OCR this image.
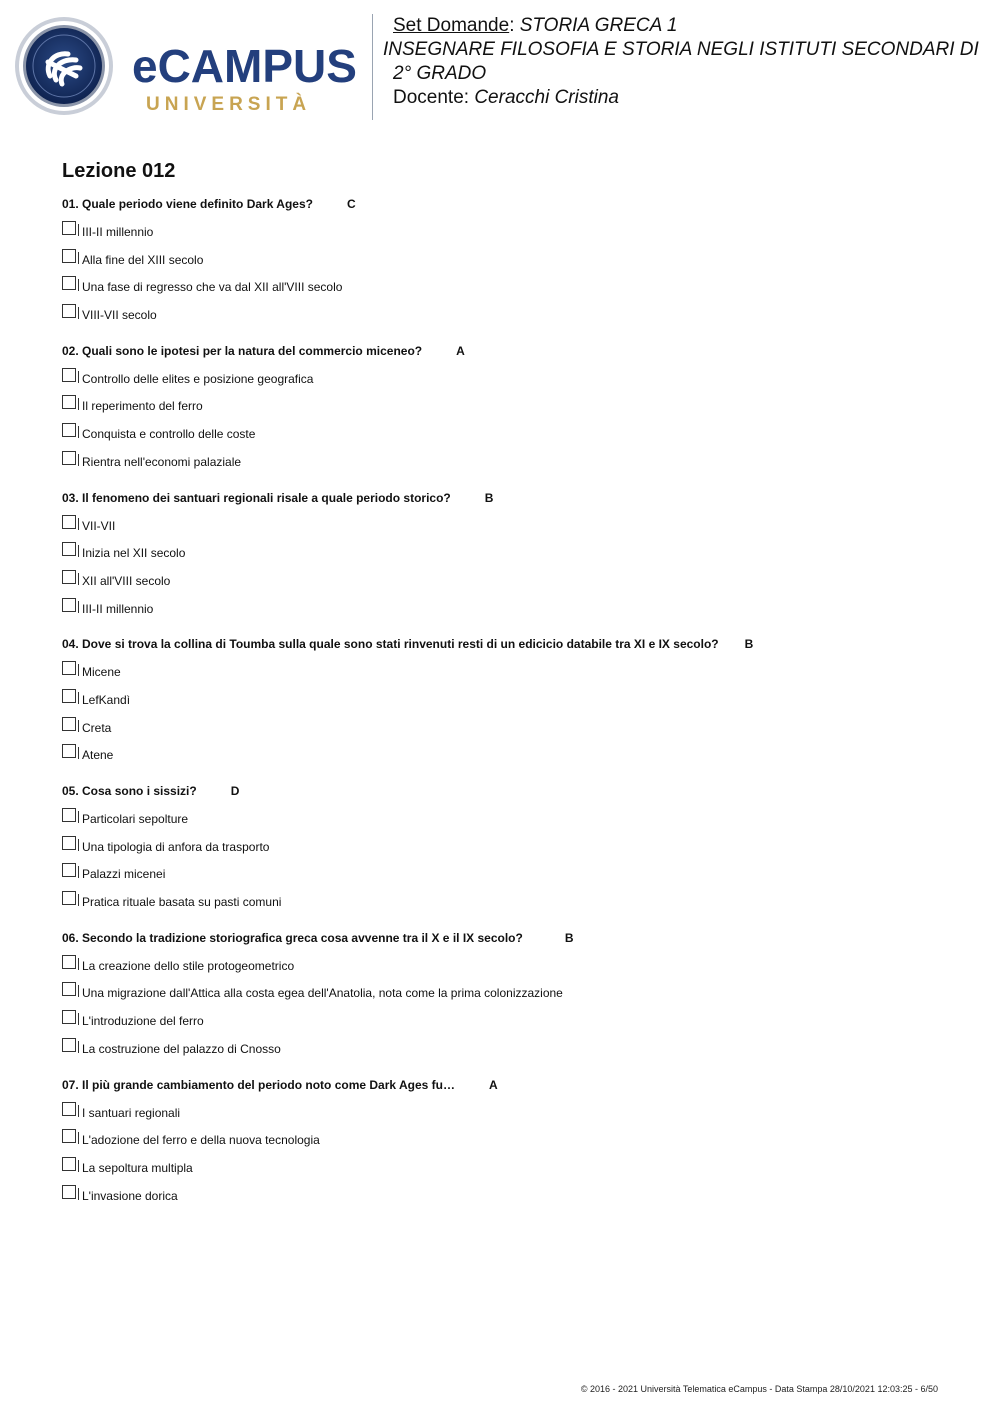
eCAMPUS
UNIVERSITÀ
Set Domande: STORIA GRECA 1
INSEGNARE FILOSOFIA E STORIA NEGLI ISTITUTI SECONDARI DI
2° GRADO
Docente: Ceracchi Cristina
Lezione 012
01. Quale periodo viene definito Dark Ages?	C
III-II millennio
Alla fine del XIII secolo
Una fase di regresso che va dal XII all'VIII secolo
VIII-VII secolo
02. Quali sono le ipotesi per la natura del commercio miceneo?	A
Controllo delle elites e posizione geografica
Il reperimento del ferro
Conquista e controllo delle coste
Rientra nell'economi palaziale
03. Il fenomeno dei santuari regionali risale a quale periodo storico?	B
VII-VII
Inizia nel XII secolo
XII all'VIII secolo
III-II millennio
04. Dove si trova la collina di Toumba sulla quale sono stati rinvenuti resti di un edicicio databile tra XI e IX secolo? B
Micene
LefKandì
Creta
Atene
05. Cosa sono i sissizi?	D
Particolari sepolture
Una tipologia di anfora da trasporto
Palazzi micenei
Pratica rituale basata su pasti comuni
06. Secondo la tradizione storiografica greca cosa avvenne tra il X e il IX secolo?	B
La creazione dello stile protogeometrico
Una migrazione dall'Attica alla costa egea dell'Anatolia, nota come la prima colonizzazione
L'introduzione del ferro
La costruzione del palazzo di Cnosso
07. Il più grande cambiamento del periodo noto come Dark Ages fu…	A
I santuari regionali
L'adozione del ferro e della nuova tecnologia
La sepoltura multipla
L'invasione dorica
© 2016 - 2021 Università Telematica eCampus - Data Stampa 28/10/2021 12:03:25 - 6/50
